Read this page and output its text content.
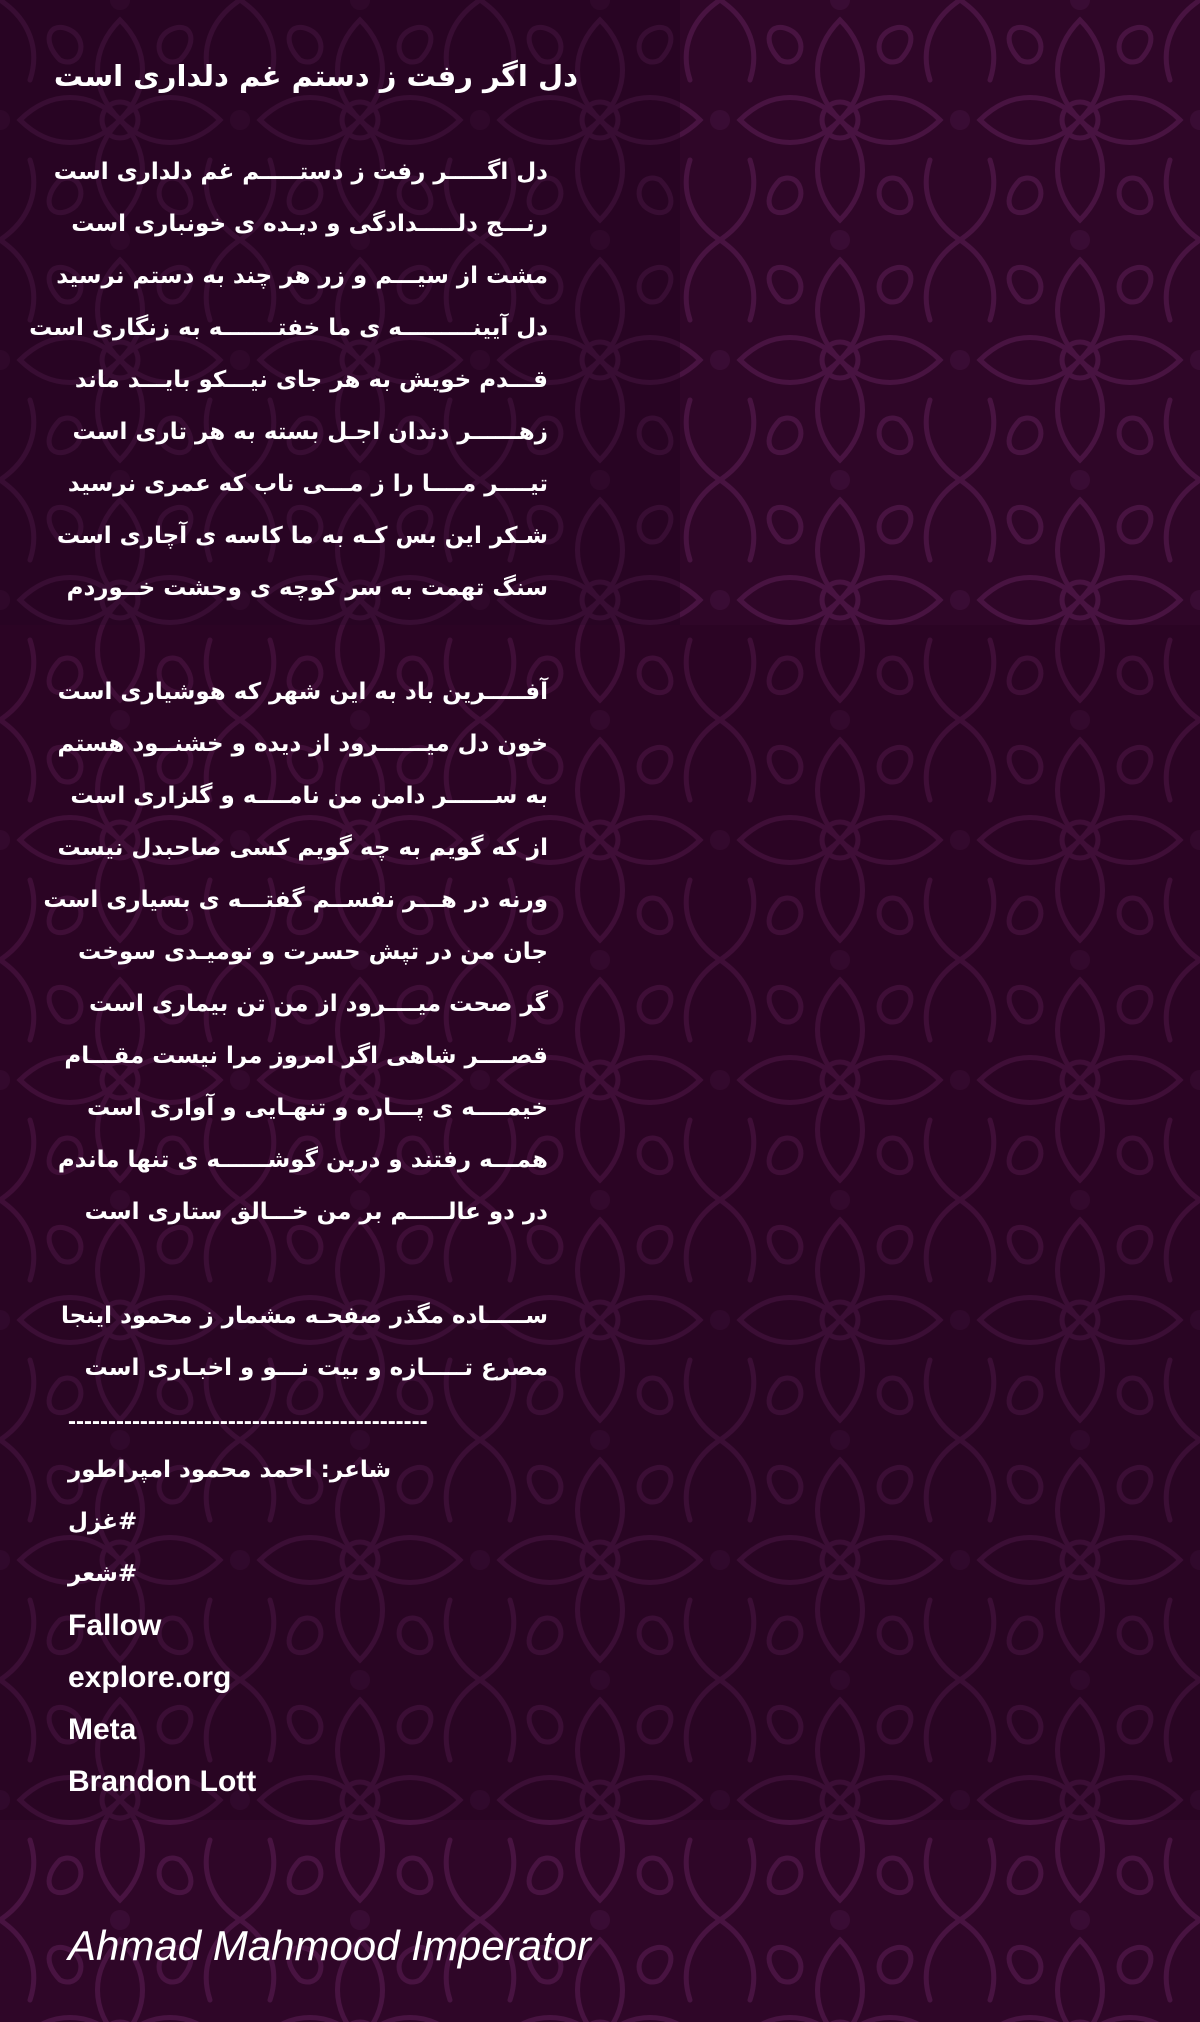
دل اگر رفت ز دستم غم دلداری است
دل اگـــــر رفت ز دستـــــم غم دلداری است
رنـــج دلـــــدادگی و دیـده ی خونباری است
مشت از سیـــم و زر هر چند به دستم نرسید
دل آیینـــــــــه ی ما خفتـــــــه به زنگاری است
قـــدم خویش به هر جای نیـــکو بایـــد ماند
زهــــــر دندان اجـل بسته به هر تاری است
تیــــر مــــا را ز مـــی ناب که عمری نرسید
شـکر این بس کـه به ما کاسه ی آچاری است
سنگ تهمت به سر کوچه ی وحشت خــوردم
آفـــــرین باد به این شهر که هوشیاری است
خون دل میــــــرود از دیده و خشنــود هستم
به ســــــر دامن من نامــــه و گلزاری است
از که گویم به چه گویم کسی صاحبدل نیست
ورنه در هـــر نفســم گفتـــه ی بسیاری است
جان من در تپش حسرت و نومیـدی سوخت
گر صحت میــــرود از من تن بیماری است
قصــــر شاهی اگر امروز مرا نیست مقـــام
خیمــــه ی پـــاره و تنهـایی و آواری است
همـــه رفتند و درین گوشــــــه ی تنها ماندم
در دو عالـــــم بر من خـــالق ستاری است
ســـــاده مگذر صفحـه مشمار ز محمود اینجا
مصرع تـــــازه و بیت نـــو و اخبـاری است
---------------------------------------------
شاعر: احمد محمود امپراطور
#غزل
#شعر
Fallow
explore.org
Meta
Brandon Lott
Ahmad Mahmood Imperator
